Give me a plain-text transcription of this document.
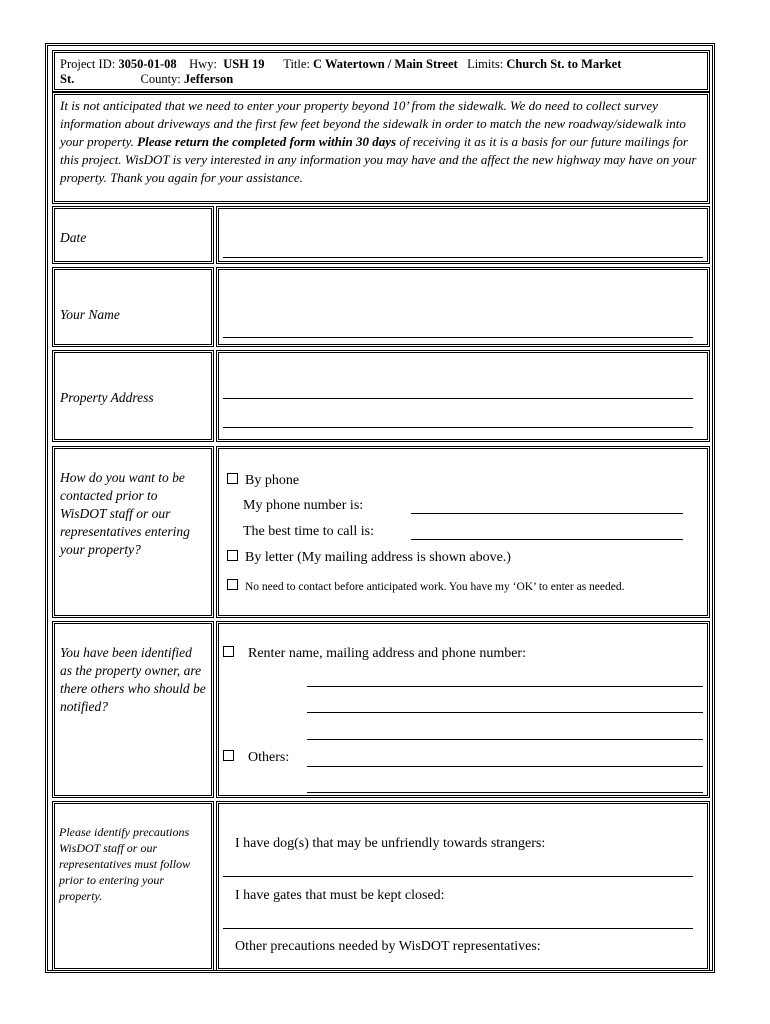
Project ID: 3050-01-08 Hwy: USH 19 Title: C Watertown / Main Street Limits: Church St. to Market
St.	County: Jefferson
It is not anticipated that we need to enter your property beyond 10’ from the sidewalk. We do need to collect survey information about driveways and the first few feet beyond the sidewalk in order to match the new roadway/sidewalk into your property. Please return the completed form within 30 days of receiving it as it is a basis for our future mailings for this project. WisDOT is very interested in any information you may have and the affect the new highway may have on your property. Thank you again for your assistance.
Date
Your Name
Property Address
How do you want to be contacted prior to WisDOT staff or our representatives entering your property?
By phone
My phone number is:
The best time to call is:
By letter (My mailing address is shown above.)
No need to contact before anticipated work. You have my ‘OK’ to enter as needed.
You have been identified as the property owner, are there others who should be notified?
Renter name, mailing address and phone number:
Others:
Please identify precautions WisDOT staff or our representatives must follow prior to entering your property.
I have dog(s) that may be unfriendly towards strangers:
I have gates that must be kept closed:
Other precautions needed by WisDOT representatives:
